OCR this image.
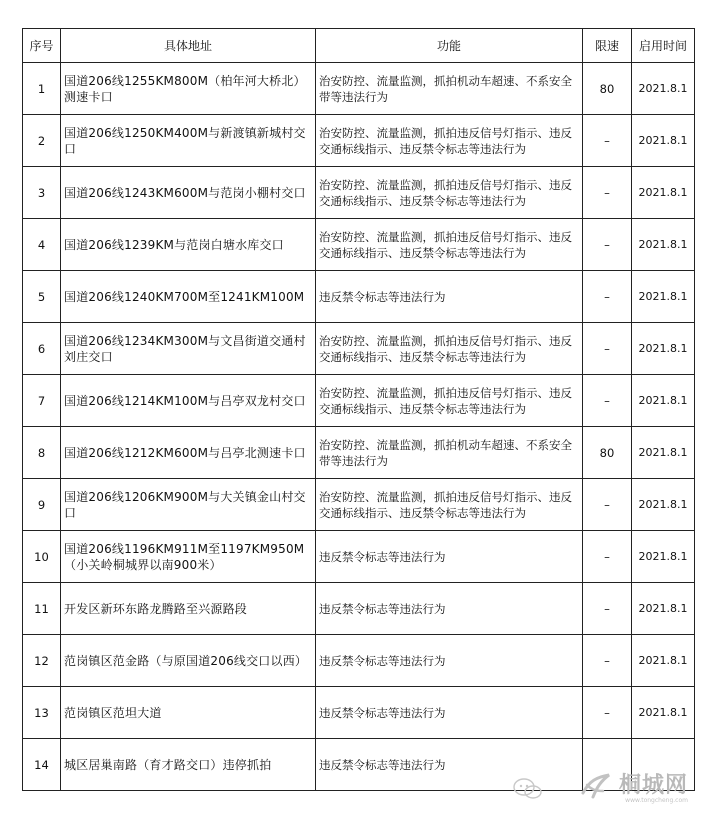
序号	具体地址	功能	限速	启用时间
1	国道206线1255KM800M（柏年河大桥北）测速卡口	治安防控、流量监测，抓拍机动车超速、不系安全带等违法行为	80	2021.8.1
2	国道206线1250KM400M与新渡镇新城村交口	治安防控、流量监测，抓拍违反信号灯指示、违反交通标线指示、违反禁令标志等违法行为	–	2021.8.1
3	国道206线1243KM600M与范岗小棚村交口	治安防控、流量监测，抓拍违反信号灯指示、违反交通标线指示、违反禁令标志等违法行为	–	2021.8.1
4	国道206线1239KM与范岗白塘水库交口	治安防控、流量监测，抓拍违反信号灯指示、违反交通标线指示、违反禁令标志等违法行为	–	2021.8.1
5	国道206线1240KM700M至1241KM100M	违反禁令标志等违法行为	–	2021.8.1
6	国道206线1234KM300M与文昌街道交通村刘庄交口	治安防控、流量监测，抓拍违反信号灯指示、违反交通标线指示、违反禁令标志等违法行为	–	2021.8.1
7	国道206线1214KM100M与吕亭双龙村交口	治安防控、流量监测，抓拍违反信号灯指示、违反交通标线指示、违反禁令标志等违法行为	–	2021.8.1
8	国道206线1212KM600M与吕亭北测速卡口	治安防控、流量监测，抓拍机动车超速、不系安全带等违法行为	80	2021.8.1
9	国道206线1206KM900M与大关镇金山村交口	治安防控、流量监测，抓拍违反信号灯指示、违反交通标线指示、违反禁令标志等违法行为	–	2021.8.1
10	国道206线1196KM911M至1197KM950M（小关岭桐城界以南900米）	违反禁令标志等违法行为	–	2021.8.1
11	开发区新环东路龙腾路至兴源路段	违反禁令标志等违法行为	–	2021.8.1
12	范岗镇区范金路（与原国道206线交口以西）	违反禁令标志等违法行为	–	2021.8.1
13	范岗镇区范坦大道	违反禁令标志等违法行为	–	2021.8.1
14	城区居巢南路（育才路交口）违停抓拍	违反禁令标志等违法行为		
桐城网
www.tongcheng.com
